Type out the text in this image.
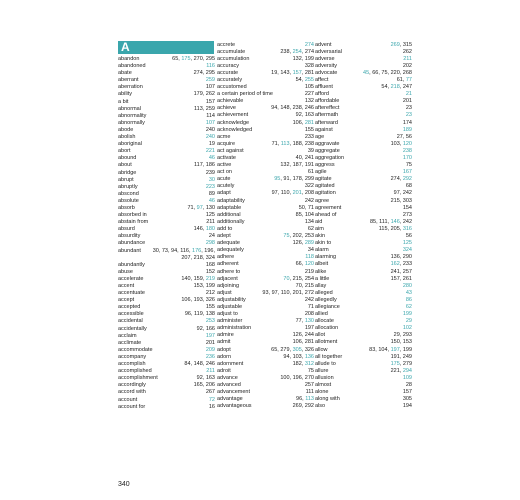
A
abandon	65, 175, 270, 295
abandoned	116
abate	274, 295
aberrant	259
aberration	107
ability	179, 262
a bit	157
abnormal	113, 259
abnormality	114
abnormally	107
abode	240
abolish	240
aboriginal	19
abort	221
abound	46
about	117, 186
abridge	239
abrupt	30
abruptly	223
abscond	89
absolute	46
absorb	71, 97, 130
absorbed in	125
abstain from	211
absurd	146, 180
absurdity	24
abundance	298
abundant 30, 73, 94, 116, 176, 196,
207, 218, 324
abundantly	168
abuse	152
accelerate	140, 159, 219
accent	153, 199
accentuate	212
accept	106, 193, 326
accepted	155
accessible	96, 119, 138
accidental	253
accidentally	92, 166
acclaim	197
acclimate	201
accommodate	209
accompany	236
accomplish	84, 148, 246
accomplished	211
accomplishment	92, 163
accordingly	165, 206
accord with	267
account	72
account for	16
accrete	274
accumulate	238, 254, 274
accumulation	132, 199
accuracy	328
accurate	19, 143, 157, 281
accurately	54, 255
accustomed	105
a certain period of time	227
achievable	132
achieve	94, 148, 238, 246
achievement	92, 163
acknowledge	106, 281
acknowledged	155
acme	233
acquire	71, 113, 188, 238
act against	39
activate	40, 241
active	132, 187, 191
act on	61
acute	95, 91, 178, 299
acutely	322
adapt	97, 110, 201, 208
adaptability	242
adaptable	50, 71
additional	85, 104
additionally	134
add to	62
adept	75, 202, 253
adequate	126, 289
adequately	34
adhere	118
adherent	66, 120
adhere to	219
adjacent	70, 215, 254
adjoining	70, 215
adjust	93, 97, 110, 201, 272
adjustability	242
adjustable	71
adjust to	208
administer	77, 130
administration	197
admire	126, 244
admit	106, 281
adopt	65, 279, 305, 326
adorn	94, 103, 136
adornment	182, 312
adroit	75
advance	100, 196, 270
advanced	257
advancement	111
advantage	96, 113
advantageous	269, 292
advent	269, 315
adversarial	262
adverse	211
adversity	202
advocate	45, 66, 75, 220, 268
affect	61, 77
affluent	54, 218, 247
afford	21
affordable	201
aftereffect	23
aftermath	23
afterward	174
against	189
age	27, 56
aggravate	103, 120
aggregate	238
aggregation	170
aggress	75
agile	167
agitate	274, 292
agitated	68
agitation	97, 242
agree	215, 303
agreement	154
ahead of	273
aid	85, 111, 146, 242
aim	115, 205, 316
akin	56
akin to	125
alarm	324
alarming	136, 290
albeit	162, 233
alike	241, 257
a little	157, 261
allay	280
alleged	43
allegedly	86
allegiance	62
allied	199
allocate	29
allocation	102
allot	29, 293
allotment	150, 153
allow	83, 104, 197, 199
all together	191, 249
allude to	175, 279
allure	221, 294
allusion	109
almost	28
alone	157
along with	305
also	194
340
